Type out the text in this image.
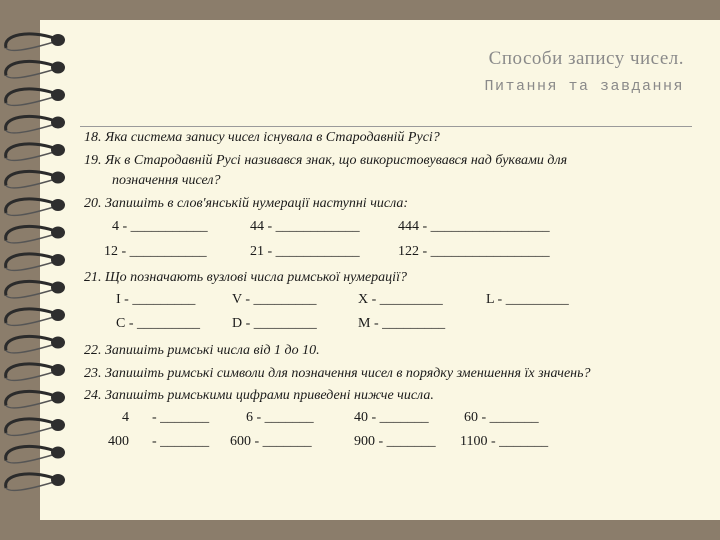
Способи запису чисел.
Питання та завдання
18. Яка система запису чисел існувала в Стародавній Русі?
19. Як в Стародавній Русі називався знак, що використовувався над буквами для
позначення чисел?
20. Запишіть в слов'янській нумерації наступні числа:
4 - ___________	44 - ____________	444 - _________________
12 - ___________	21 - ____________	122 - _________________
21. Що позначають вузлові числа римської нумерації?
I - _________	V - _________	X - _________	L - _________
C - _________ D - _________	M - _________
22. Запишіть римські числа від 1 до 10.
23. Запишіть римські символи для позначення чисел в порядку зменшення їх значень?
24. Запишіть римськими цифрами приведені нижче числа.
4 - _______	6 - _______	40 - _______	60 - _______
400 - _______ 600 - _______	900 - _______ 1100 - _______
